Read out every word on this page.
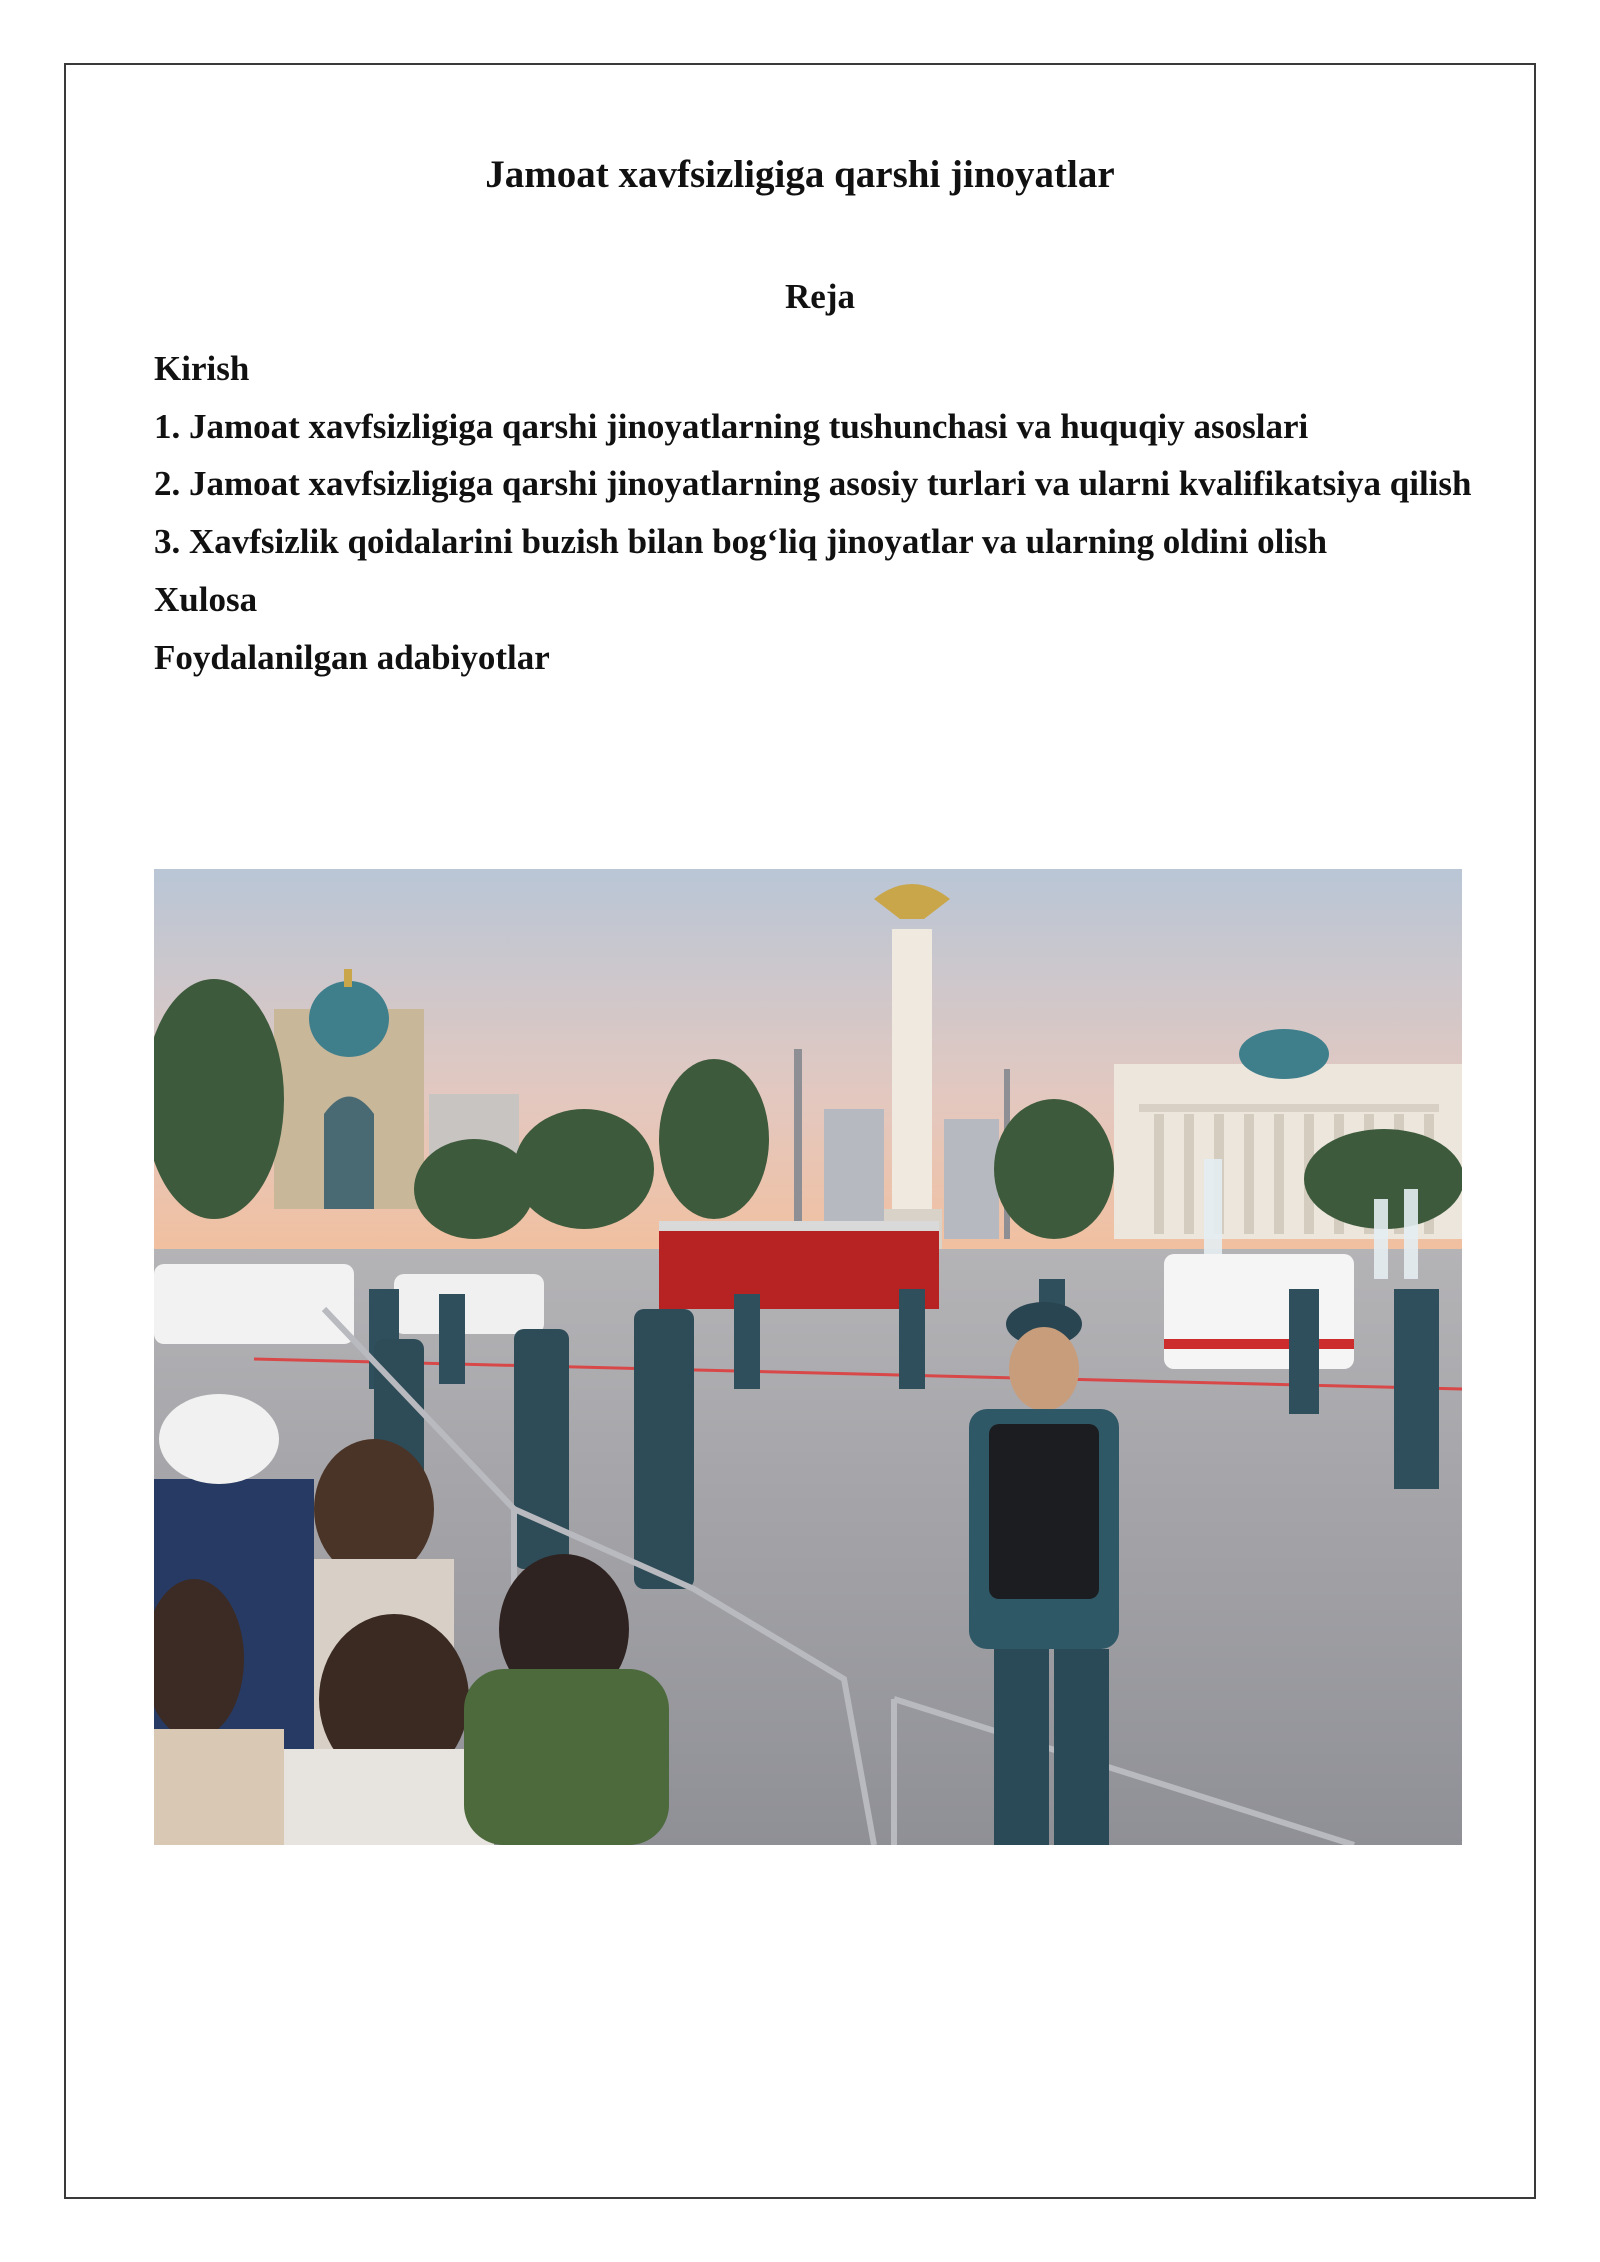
Jamoat xavfsizligiga qarshi jinoyatlar
Reja
Kirish
1. Jamoat xavfsizligiga qarshi jinoyatlarning tushunchasi va huquqiy asoslari
2. Jamoat xavfsizligiga qarshi jinoyatlarning asosiy turlari va ularni kvalifikatsiya qilish
3. Xavfsizlik qoidalarini buzish bilan bog‘liq jinoyatlar va ularning oldini olish
Xulosa
Foydalanilgan adabiyotlar
